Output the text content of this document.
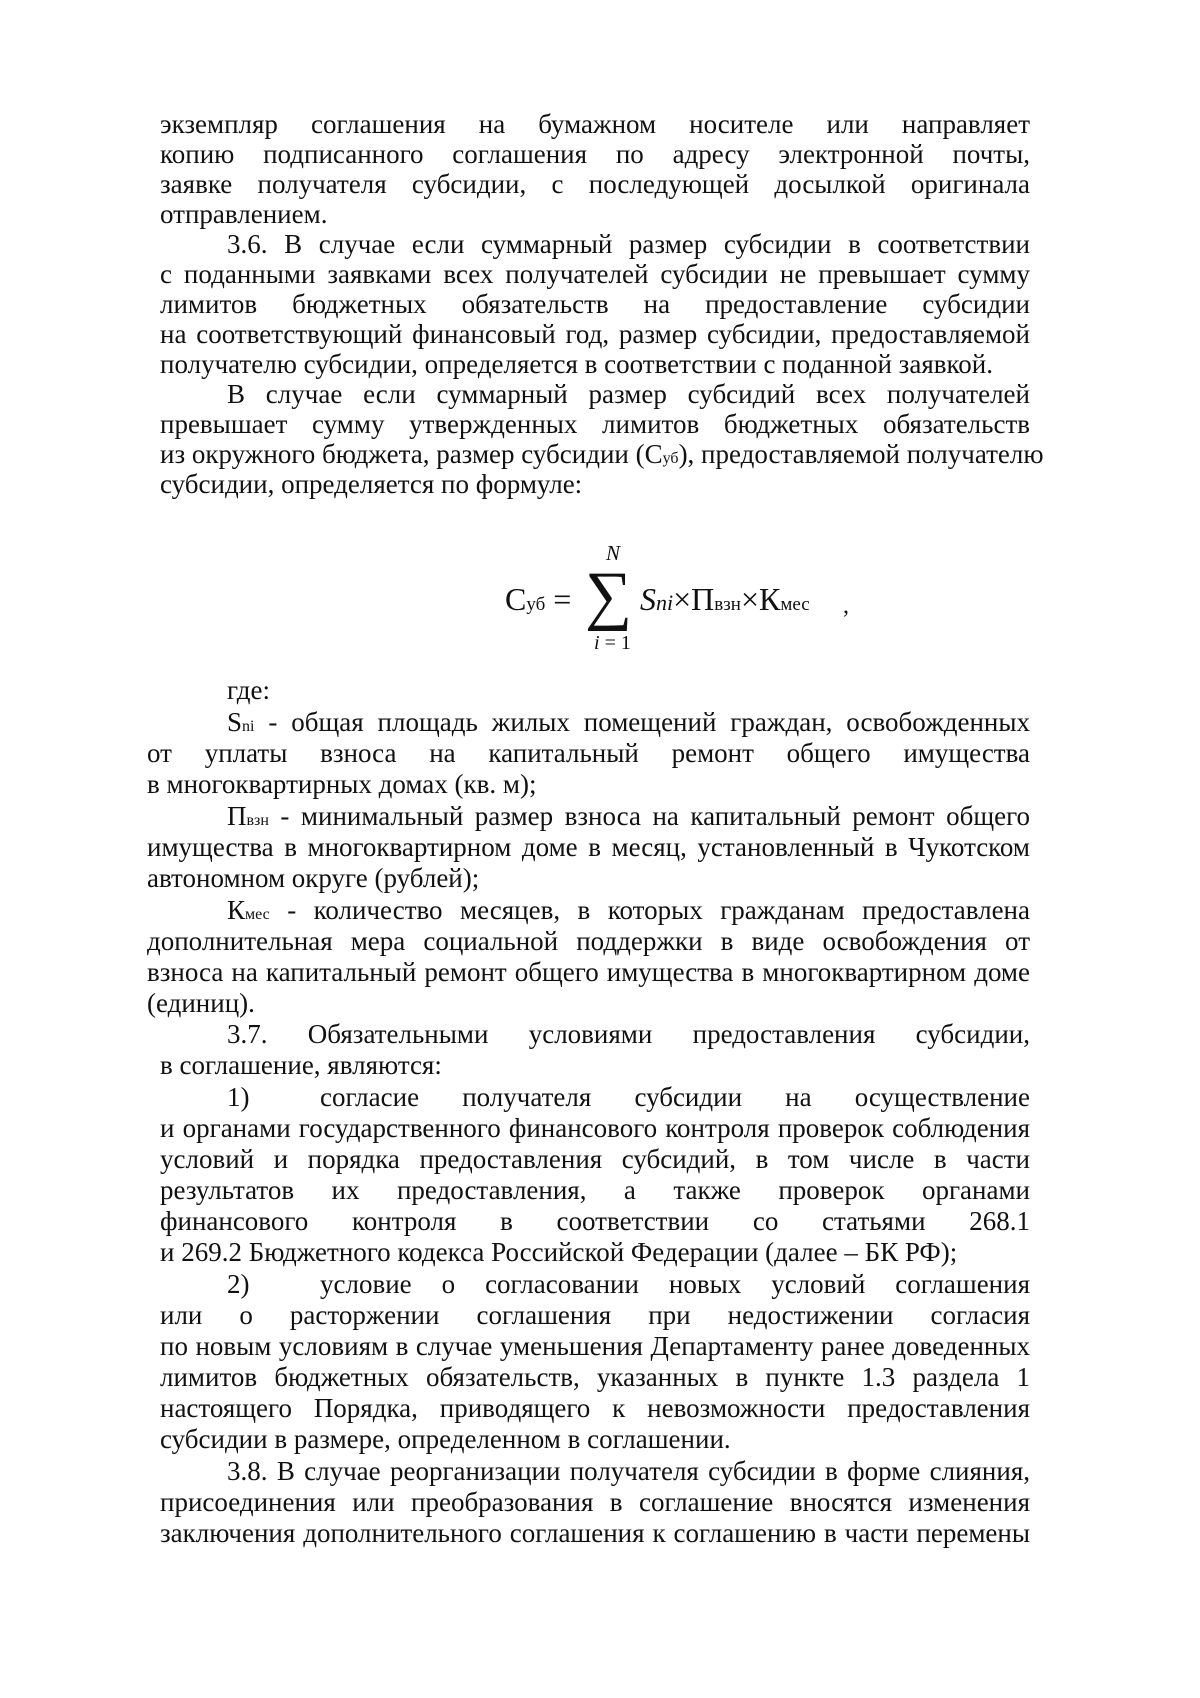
экземпляр соглашения на бумажном носителе или направляет
копию подписанного соглашения по адресу электронной почты,
заявке получателя субсидии, с последующей досылкой оригинала
отправлением.
3.6. В случае если суммарный размер субсидии в соответствии
с поданными заявками всех получателей субсидии не превышает сумму
лимитов бюджетных обязательств на предоставление субсидии
на соответствующий финансовый год, размер субсидии, предоставляемой
получателю субсидии, определяется в соответствии с поданной заявкой.
В случае если суммарный размер субсидий всех получателей
превышает сумму утвержденных лимитов бюджетных обязательств
из окружного бюджета, размер субсидии (Суб), предоставляемой получателю
субсидии, определяется по формуле:
Суб =
N
∑
i = 1
Sni×Пвзн×Кмес ,
где:
Sni - общая площадь жилых помещений граждан, освобожденных
от уплаты взноса на капитальный ремонт общего имущества
в многоквартирных домах (кв. м);
Пвзн - минимальный размер взноса на капитальный ремонт общего
имущества в многоквартирном доме в месяц, установленный в Чукотском
автономном округе (рублей);
Кмес - количество месяцев, в которых гражданам предоставлена
дополнительная мера социальной поддержки в виде освобождения от
взноса на капитальный ремонт общего имущества в многоквартирном доме
(единиц).
3.7. Обязательными условиями предоставления субсидии,
в соглашение, являются:
1)	согласие получателя субсидии на осуществление
и органами государственного финансового контроля проверок соблюдения
условий и порядка предоставления субсидий, в том числе в части
результатов их предоставления, а также проверок органами
финансового контроля в соответствии со статьями 268.1
и 269.2 Бюджетного кодекса Российской Федерации (далее – БК РФ);
2)	условие о согласовании новых условий соглашения
или о расторжении соглашения при недостижении согласия
по новым условиям в случае уменьшения Департаменту ранее доведенных
лимитов бюджетных обязательств, указанных в пункте 1.3 раздела 1
настоящего Порядка, приводящего к невозможности предоставления
субсидии в размере, определенном в соглашении.
3.8. В случае реорганизации получателя субсидии в форме слияния,
присоединения или преобразования в соглашение вносятся изменения
заключения дополнительного соглашения к соглашению в части перемены
